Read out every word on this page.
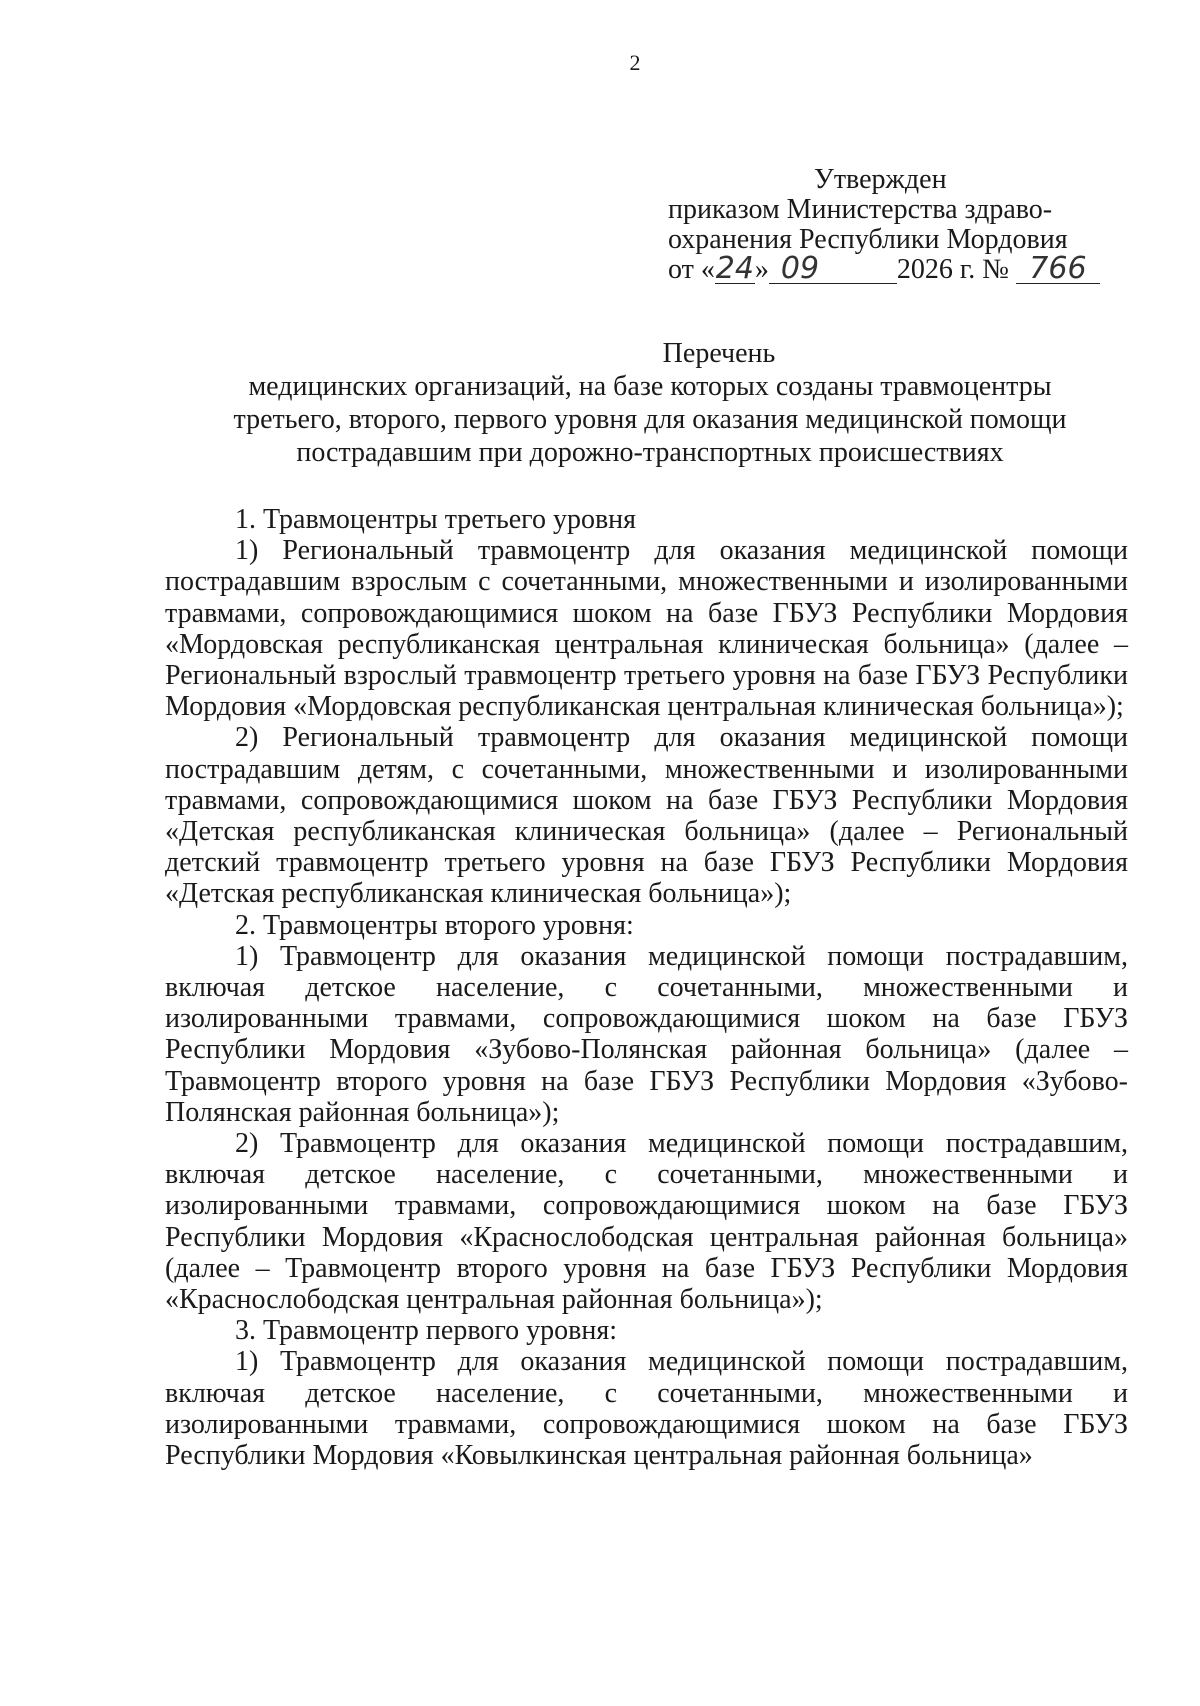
2
Утвержден
приказом Министерства здраво-
охранения Республики Мордовия
от «24» 09	2026 г. № 766
Перечень
медицинских организаций, на базе которых созданы травмоцентры
третьего, второго, первого уровня для оказания медицинской помощи
пострадавшим при дорожно-транспортных происшествиях

1. Травмоцентры третьего уровня

1) Региональный травмоцентр для оказания медицинской помощи пострадавшим взрослым с сочетанными, множественными и изолированными травмами, сопровождающимися шоком на базе ГБУЗ Республики Мордовия «Мордовская республиканская центральная клиническая больница» (далее – Региональный взрослый травмоцентр третьего уровня на базе ГБУЗ Республики Мордовия «Мордовская республиканская центральная клиническая больница»);

2) Региональный травмоцентр для оказания медицинской помощи пострадавшим детям, с сочетанными, множественными и изолированными травмами, сопровождающимися шоком на базе ГБУЗ Республики Мордовия «Детская республиканская клиническая больница» (далее – Региональный детский травмоцентр третьего уровня на базе ГБУЗ Республики Мордовия «Детская республиканская клиническая больница»);

2. Травмоцентры второго уровня:

1) Травмоцентр для оказания медицинской помощи пострадавшим, включая детское население, с сочетанными, множественными и изолированными травмами, сопровождающимися шоком на базе ГБУЗ Республики Мордовия «Зубово-Полянская районная больница» (далее – Травмоцентр второго уровня на базе ГБУЗ Республики Мордовия «Зубово-Полянская районная больница»);

2) Травмоцентр для оказания медицинской помощи пострадавшим, включая детское население, с сочетанными, множественными и изолированными травмами, сопровождающимися шоком на базе ГБУЗ Республики Мордовия «Краснослободская центральная районная больница» (далее – Травмоцентр второго уровня на базе ГБУЗ Республики Мордовия «Краснослободская центральная районная больница»);

3. Травмоцентр первого уровня:

1) Травмоцентр для оказания медицинской помощи пострадавшим, включая детское население, с сочетанными, множественными и изолированными травмами, сопровождающимися шоком на базе ГБУЗ Республики Мордовия «Ковылкинская центральная районная больница»
